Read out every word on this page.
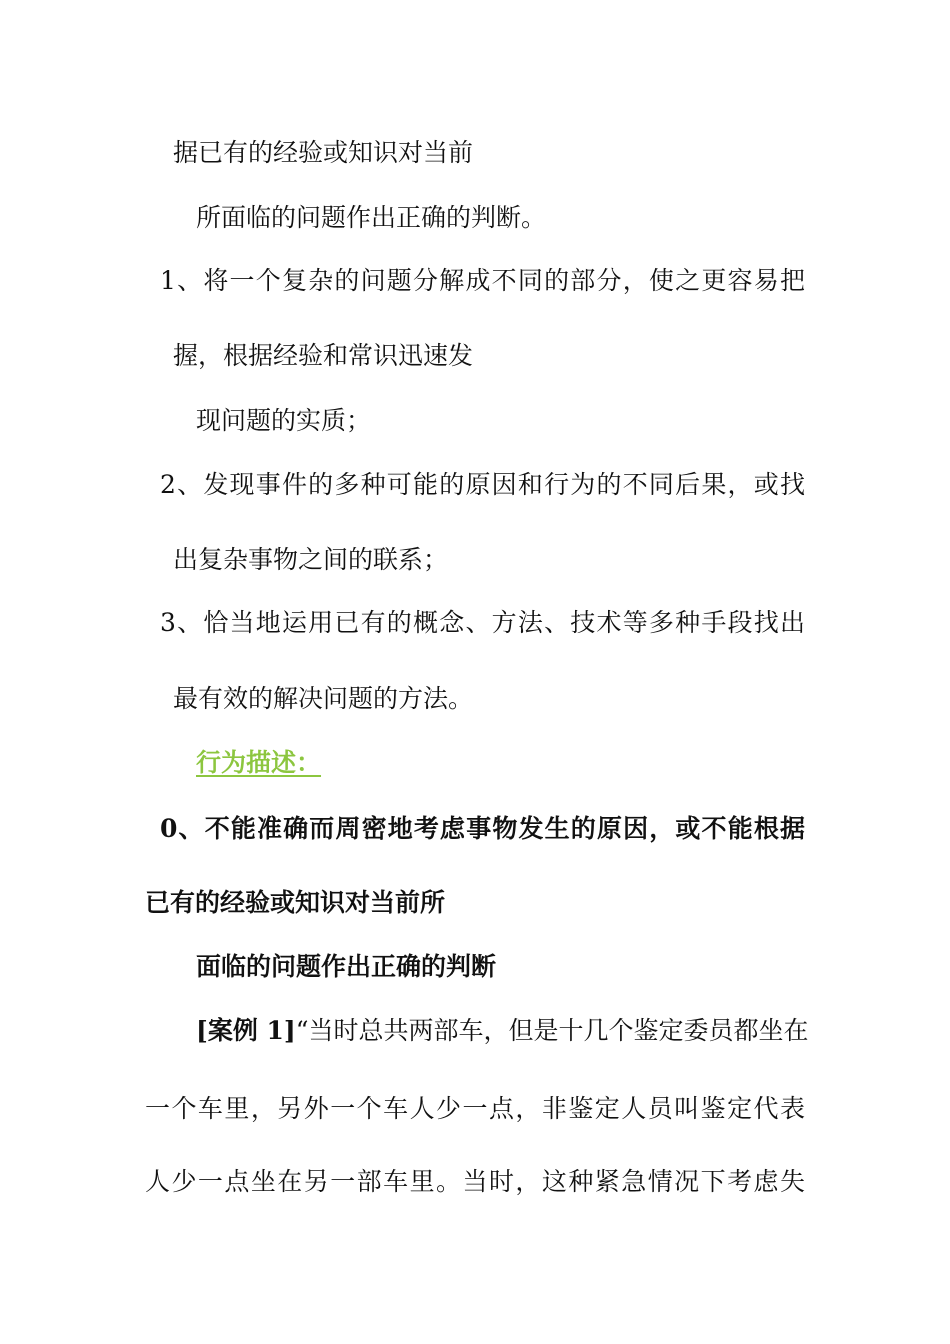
据已有的经验或知识对当前

所面临的问题作出正确的判断。

1、将一个复杂的问题分解成不同的部分，使之更容易把

握，根据经验和常识迅速发

现问题的实质；

2、发现事件的多种可能的原因和行为的不同后果，或找

出复杂事物之间的联系；

3、恰当地运用已有的概念、方法、技术等多种手段找出

最有效的解决问题的方法。

行为描述：

0、不能准确而周密地考虑事物发生的原因，或不能根据

已有的经验或知识对当前所

面临的问题作出正确的判断

[案例 1] “当时总共两部车，但是十几个鉴定委员都坐在

一个车里，另外一个车人少一点，非鉴定人员叫鉴定代表

人少一点坐在另一部车里。当时，这种紧急情况下考虑失
